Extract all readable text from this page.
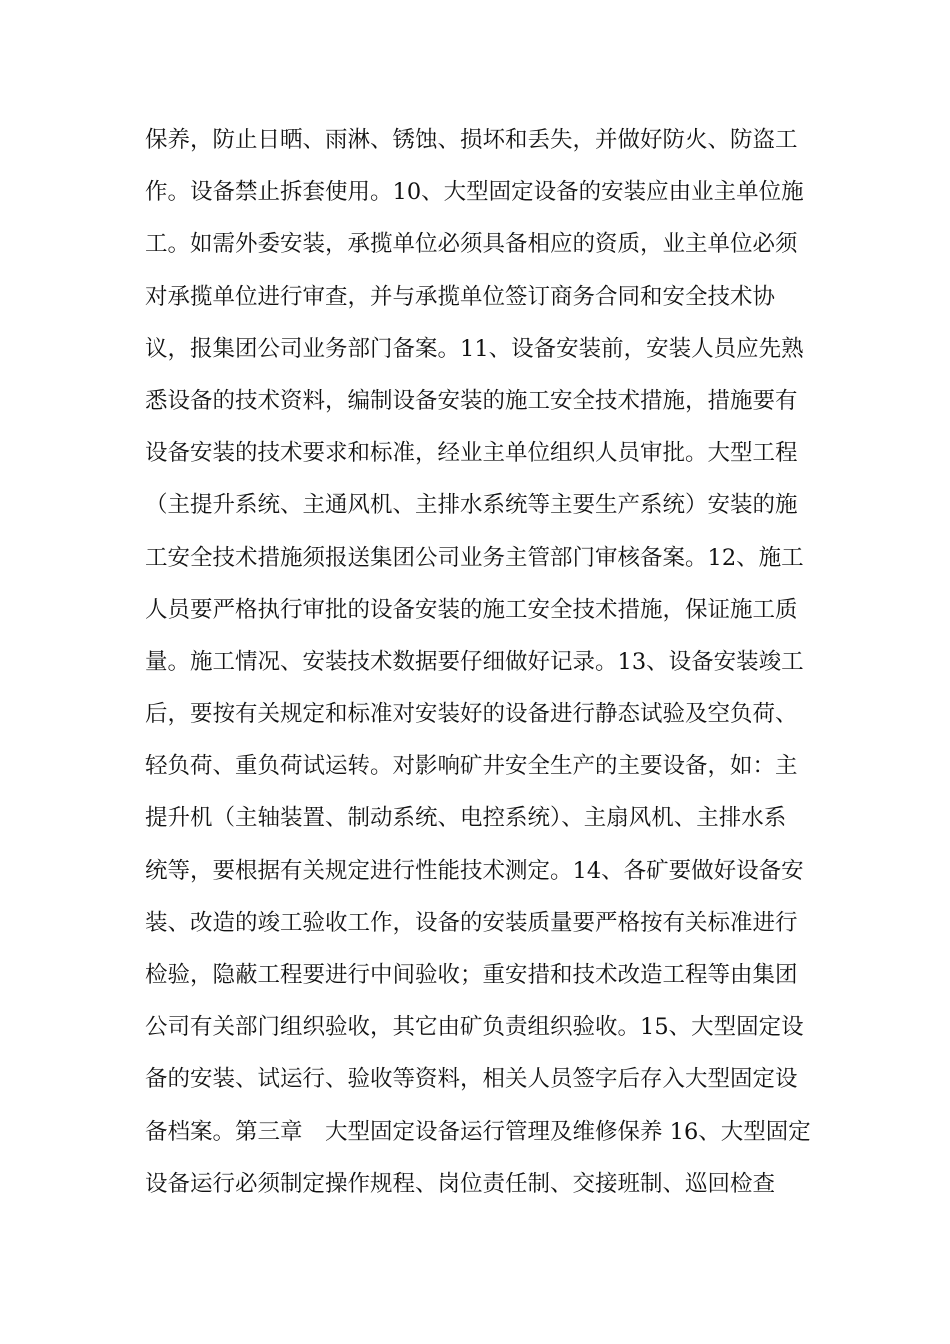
保养，防止日晒、雨淋、锈蚀、损坏和丢失，并做好防火、防盗工
作。设备禁止拆套使用。10、大型固定设备的安装应由业主单位施
工。如需外委安装，承揽单位必须具备相应的资质，业主单位必须
对承揽单位进行审查，并与承揽单位签订商务合同和安全技术协
议，报集团公司业务部门备案。11、设备安装前，安装人员应先熟
悉设备的技术资料，编制设备安装的施工安全技术措施，措施要有
设备安装的技术要求和标准，经业主单位组织人员审批。大型工程
（主提升系统、主通风机、主排水系统等主要生产系统）安装的施
工安全技术措施须报送集团公司业务主管部门审核备案。12、施工
人员要严格执行审批的设备安装的施工安全技术措施，保证施工质
量。施工情况、安装技术数据要仔细做好记录。13、设备安装竣工
后，要按有关规定和标准对安装好的设备进行静态试验及空负荷、
轻负荷、重负荷试运转。对影响矿井安全生产的主要设备，如：主
提升机（主轴装置、制动系统、电控系统）、主扇风机、主排水系
统等，要根据有关规定进行性能技术测定。14、各矿要做好设备安
装、改造的竣工验收工作，设备的安装质量要严格按有关标准进行
检验，隐蔽工程要进行中间验收；重安措和技术改造工程等由集团
公司有关部门组织验收，其它由矿负责组织验收。15、大型固定设
备的安装、试运行、验收等资料，相关人员签字后存入大型固定设
备档案。第三章　大型固定设备运行管理及维修保养 16、大型固定
设备运行必须制定操作规程、岗位责任制、交接班制、巡回检查
